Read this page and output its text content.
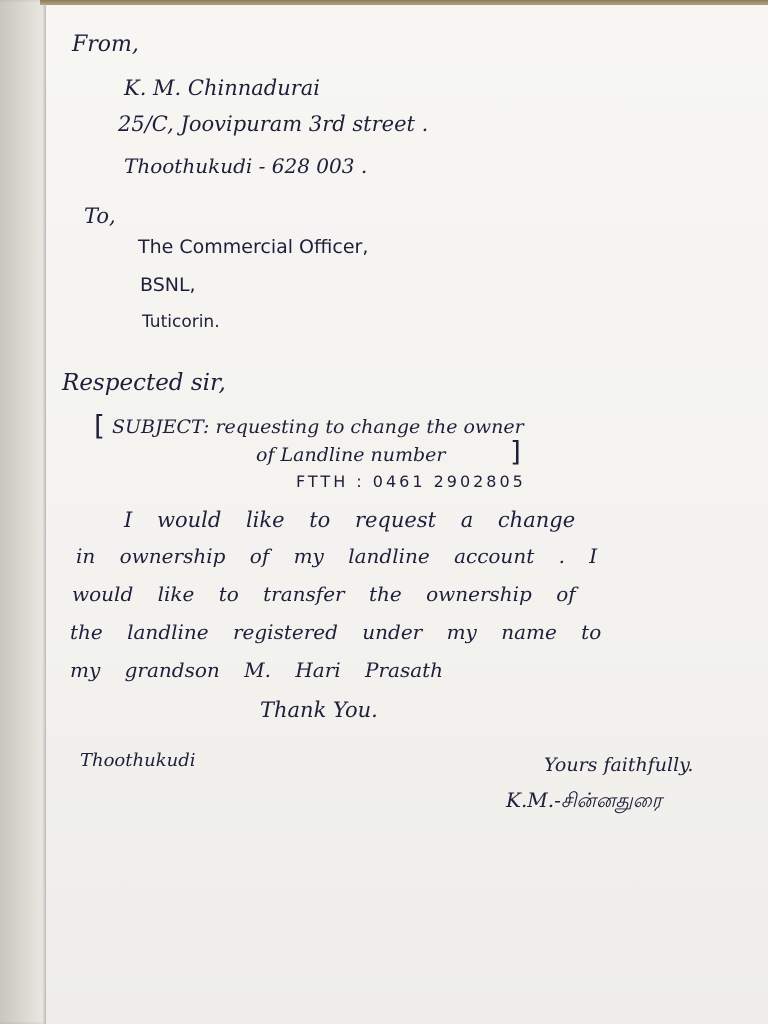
From,
K. M. Chinnadurai
25/C, Joovipuram 3rd street .
Thoothukudi - 628 003 .
To,
The Commercial Officer,
BSNL,
Tuticorin.
Respected sir,
[ SUBJECT: requesting to change the owner
of Landline number ]
FTTH : 0461 2902805
I would like to request a change
in ownership of my landline account . I
would like to transfer the ownership of
the landline registered under my name to
my grandson M. Hari Prasath
Thank You.
Thoothukudi	Yours faithfully.
K.M.-சின்னதுரை
